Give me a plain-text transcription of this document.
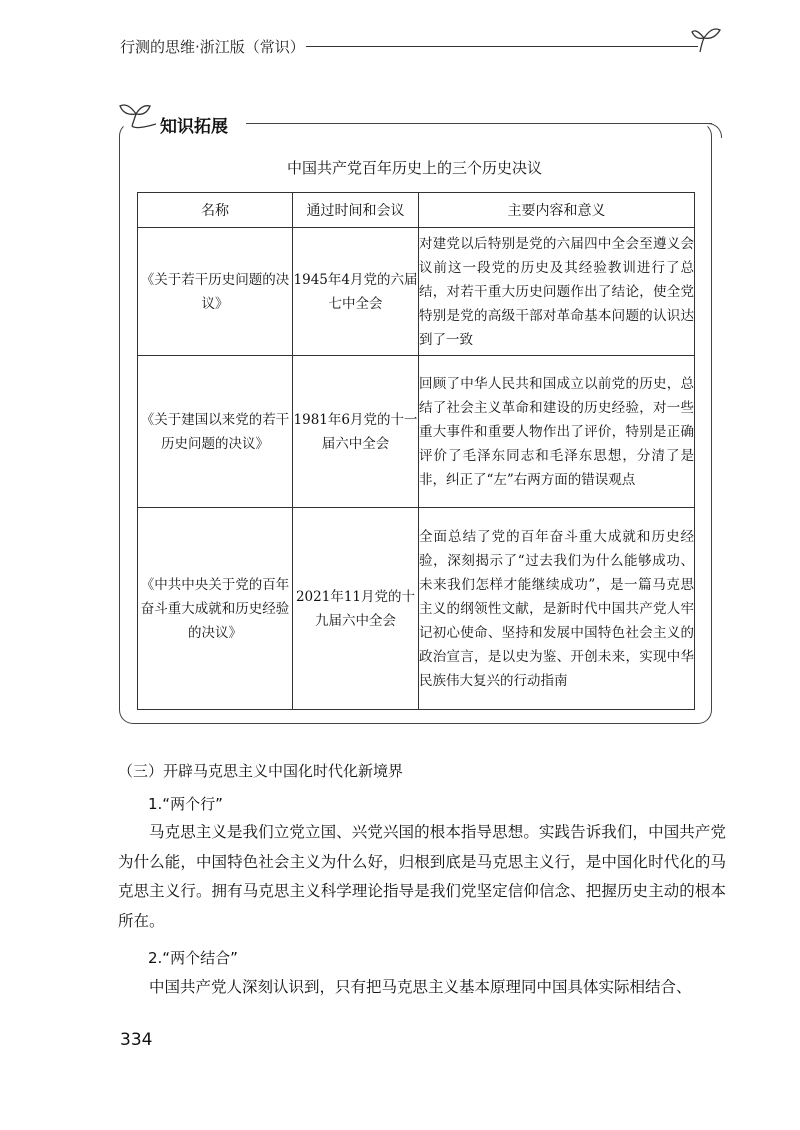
行测的思维·浙江版（常识）
知识拓展
中国共产党百年历史上的三个历史决议
名称	通过时间和会议	主要内容和意义
《关于若干历史问题的决议》	1945年4月党的六届七中全会	对建党以后特别是党的六届四中全会至遵义会议前这一段党的历史及其经验教训进行了总结，对若干重大历史问题作出了结论，使全党特别是党的高级干部对革命基本问题的认识达到了一致
《关于建国以来党的若干历史问题的决议》	1981年6月党的十一届六中全会	回顾了中华人民共和国成立以前党的历史，总结了社会主义革命和建设的历史经验，对一些重大事件和重要人物作出了评价，特别是正确评价了毛泽东同志和毛泽东思想，分清了是非，纠正了“左”右两方面的错误观点
《中共中央关于党的百年奋斗重大成就和历史经验的决议》	2021年11月党的十九届六中全会	全面总结了党的百年奋斗重大成就和历史经验，深刻揭示了“过去我们为什么能够成功、未来我们怎样才能继续成功”，是一篇马克思主义的纲领性文献，是新时代中国共产党人牢记初心使命、坚持和发展中国特色社会主义的政治宣言，是以史为鉴、开创未来，实现中华民族伟大复兴的行动指南
（三）开辟马克思主义中国化时代化新境界
1.“两个行”
马克思主义是我们立党立国、兴党兴国的根本指导思想。实践告诉我们，中国共产党为什么能，中国特色社会主义为什么好，归根到底是马克思主义行，是中国化时代化的马克思主义行。拥有马克思主义科学理论指导是我们党坚定信仰信念、把握历史主动的根本所在。
2.“两个结合”
中国共产党人深刻认识到，只有把马克思主义基本原理同中国具体实际相结合、
334
